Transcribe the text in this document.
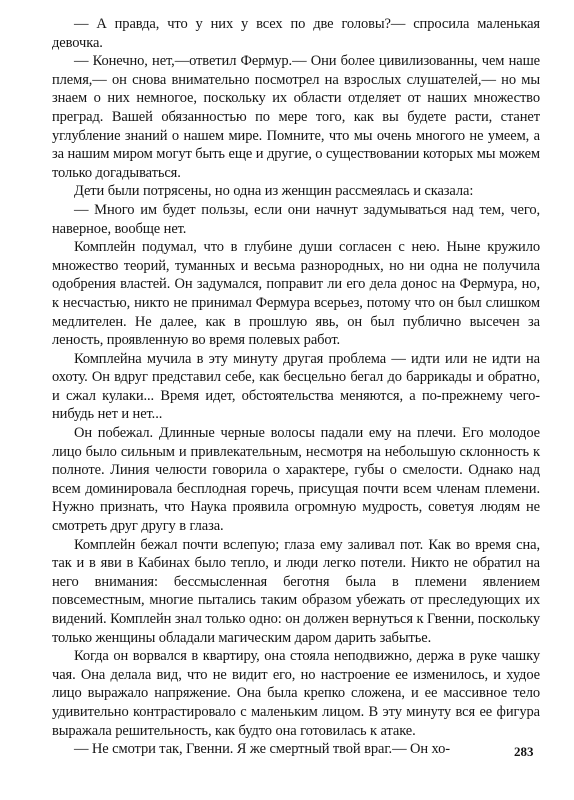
— А правда, что у них у всех по две головы?— спросила маленькая девочка.

— Конечно, нет,—ответил Фермур.— Они более цивилизованны, чем наше племя,— он снова внимательно посмотрел на взрослых слушателей,— но мы знаем о них немногое, поскольку их области отделяет от наших множество преград. Вашей обязанностью по мере того, как вы будете расти, станет углубление знаний о нашем мире. Помните, что мы очень многого не умеем, а за нашим миром могут быть еще и другие, о существовании которых мы можем только догадываться.

Дети были потрясены, но одна из женщин рассмеялась и сказала:

— Много им будет пользы, если они начнут задумываться над тем, чего, наверное, вообще нет.

Комплейн подумал, что в глубине души согласен с нею. Ныне кружило множество теорий, туманных и весьма разнородных, но ни одна не получила одобрения властей. Он задумался, поправит ли его дела донос на Фермура, но, к несчастью, никто не принимал Фермура всерьез, потому что он был слишком медлителен. Не далее, как в прошлую явь, он был публично высечен за леность, проявленную во время полевых работ.

Комплейна мучила в эту минуту другая проблема — идти или не идти на охоту. Он вдруг представил себе, как бесцельно бегал до баррикады и обратно, и сжал кулаки... Время идет, обстоятельства меняются, а по-прежнему чего-нибудь нет и нет...

Он побежал. Длинные черные волосы падали ему на плечи. Его молодое лицо было сильным и привлекательным, несмотря на небольшую склонность к полноте. Линия челюсти говорила о характере, губы о смелости. Однако над всем доминировала бесплодная горечь, присущая почти всем членам племени. Нужно признать, что Наука проявила огромную мудрость, советуя людям не смотреть друг другу в глаза.

Комплейн бежал почти вслепую; глаза ему заливал пот. Как во время сна, так и в яви в Кабинах было тепло, и люди легко потели. Никто не обратил на него внимания: бессмысленная беготня была в племени явлением повсеместным, многие пытались таким образом убежать от преследующих их видений. Комплейн знал только одно: он должен вернуться к Гвенни, поскольку только женщины обладали магическим даром дарить забытье.

Когда он ворвался в квартиру, она стояла неподвижно, держа в руке чашку чая. Она делала вид, что не видит его, но настроение ее изменилось, и худое лицо выражало напряжение. Она была крепко сложена, и ее массивное тело удивительно контрастировало с маленьким лицом. В эту минуту вся ее фигура выражала решительность, как будто она готовилась к атаке.

— Не смотри так, Гвенни. Я же смертный твой враг.— Он хо-	283
